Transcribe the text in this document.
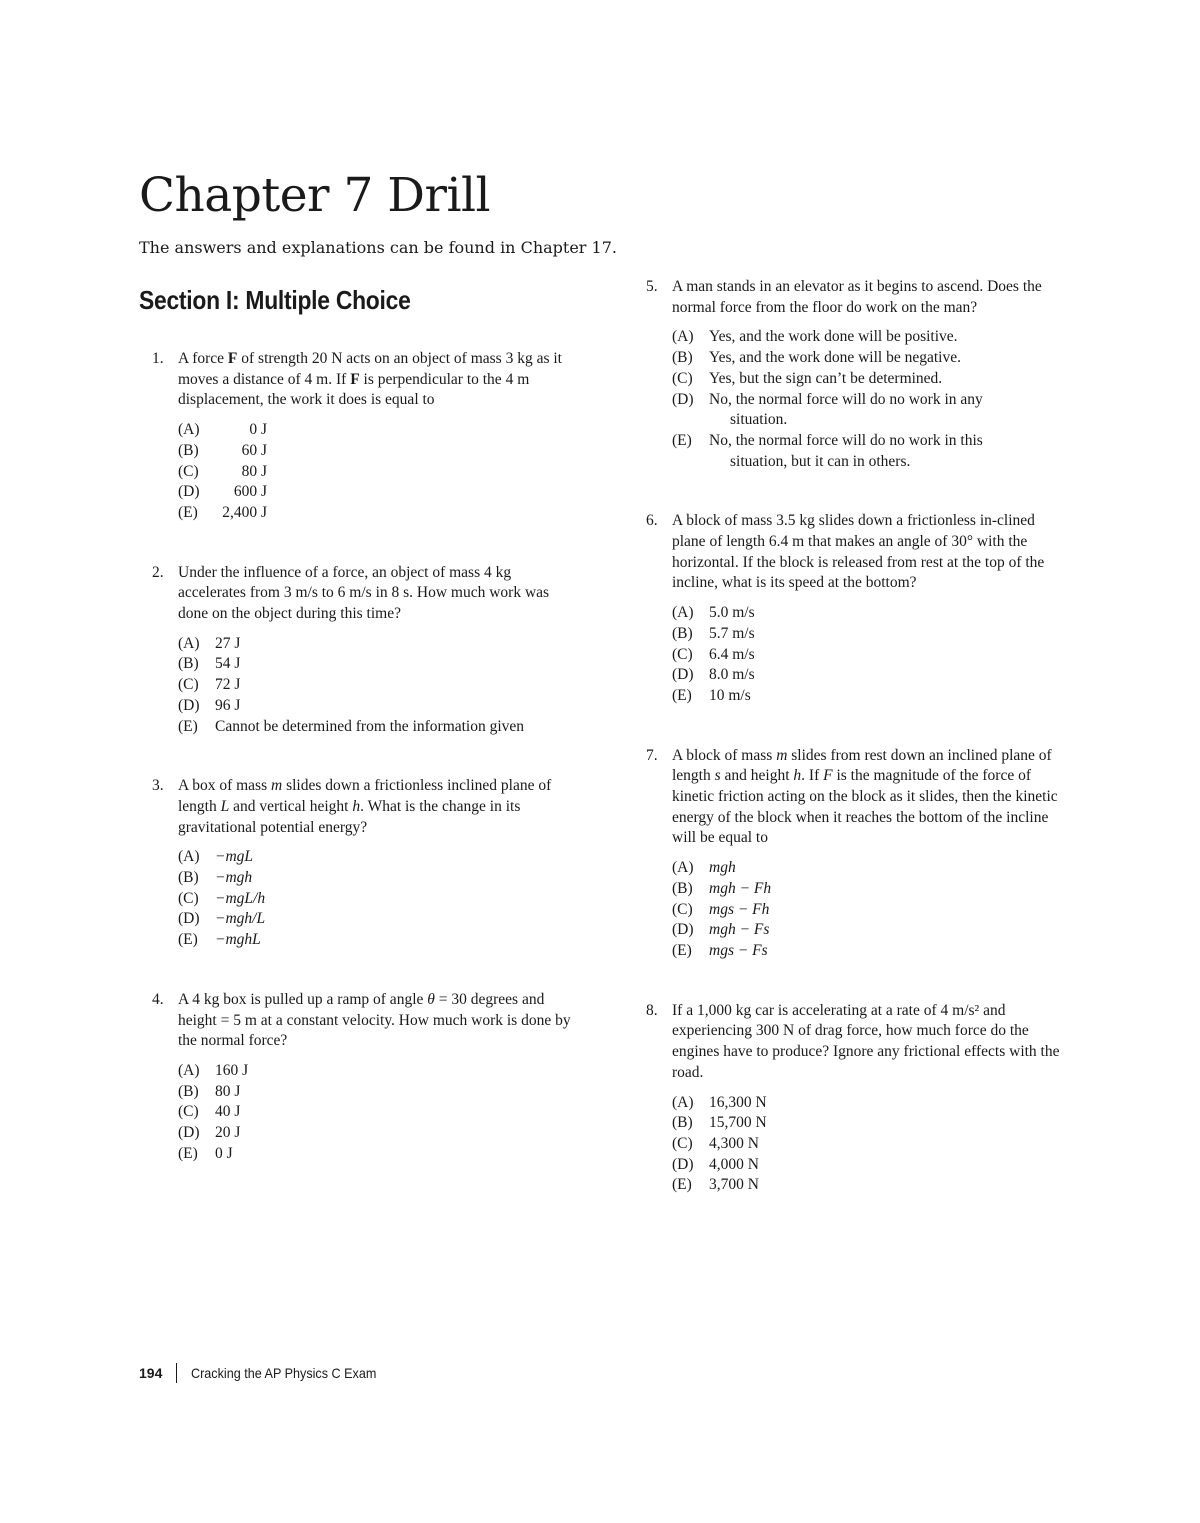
Chapter 7 Drill

The answers and explanations can be found in Chapter 17.

Section I: Multiple Choice
1. A force F of strength 20 N acts on an object of mass 3 kg as it moves a distance of 4 m. If F is perpendicular to the 4 m displacement, the work it does is equal to
(A)	0 J
(B)	60 J
(C)	80 J
(D)	600 J
(E)	2,400 J
2. Under the influence of a force, an object of mass 4 kg accelerates from 3 m/s to 6 m/s in 8 s. How much work was done on the object during this time?
(A) 27 J
(B)	54 J
(C)	72 J
(D) 96 J
(E)	Cannot be determined from the information given
3. A box of mass m slides down a frictionless inclined plane of length L and vertical height h. What is the change in its gravitational potential energy?
(A) −mgL
(B)	−mgh
(C)	−mgL/h
(D) −mgh/L
(E)	−mghL
4. A 4 kg box is pulled up a ramp of angle θ = 30 degrees and height = 5 m at a constant velocity. How much work is done by the normal force?
(A) 160 J
(B)	80 J
(C)	40 J
(D) 20 J
(E)	0 J
5. A man stands in an elevator as it begins to ascend. Does the normal force from the floor do work on the man?
(A) Yes, and the work done will be positive.
(B)	Yes, and the work done will be negative.
(C)	Yes, but the sign can’t be determined.
(D) No, the normal force will do no work in any
situation.
(E)	No, the normal force will do no work in this
situation, but it can in others.
6. A block of mass 3.5 kg slides down a frictionless in-clined plane of length 6.4 m that makes an angle of 30° with the horizontal. If the block is released from rest at the top of the incline, what is its speed at the bottom?
(A) 5.0 m/s
(B)	5.7 m/s
(C)	6.4 m/s
(D) 8.0 m/s
(E)	10 m/s
7. A block of mass m slides from rest down an inclined plane of length s and height h. If F is the magnitude of the force of kinetic friction acting on the block as it slides, then the kinetic energy of the block when it reaches the bottom of the incline will be equal to
(A) mgh
(B)	mgh − Fh
(C)	mgs − Fh
(D) mgh − Fs
(E)	mgs − Fs
8. If a 1,000 kg car is accelerating at a rate of 4 m/s² and experiencing 300 N of drag force, how much force do the engines have to produce? Ignore any frictional effects with the road.
(A) 16,300 N
(B)	15,700 N
(C)	4,300 N
(D) 4,000 N
(E)	3,700 N
194 Cracking the AP Physics C Exam
